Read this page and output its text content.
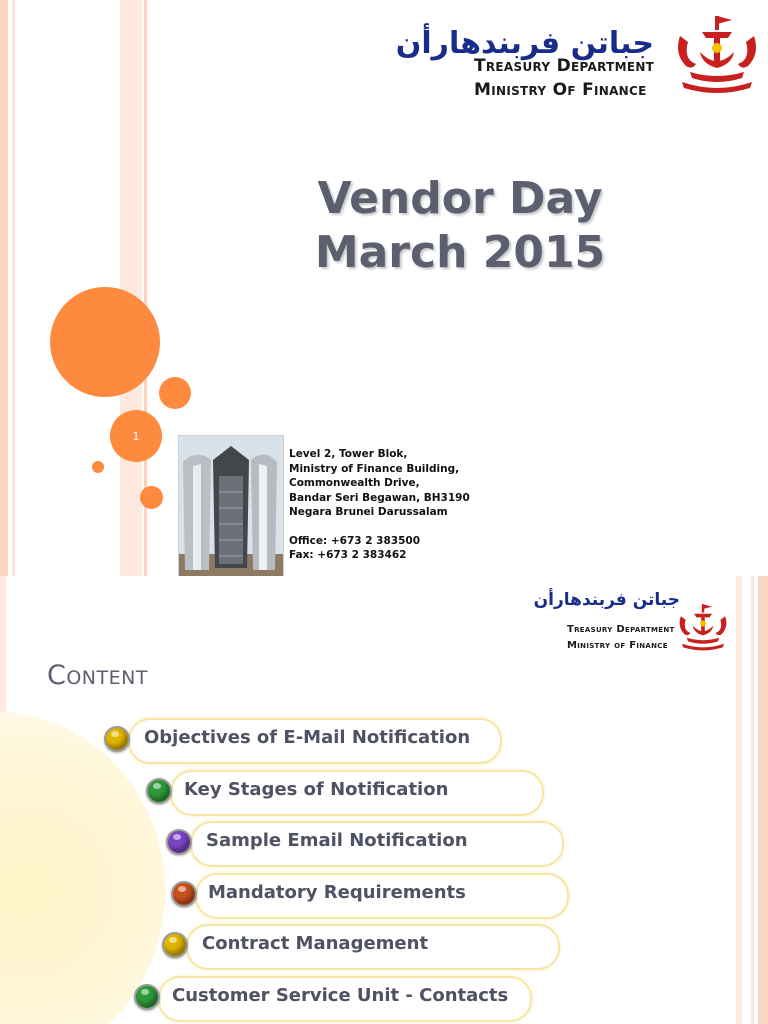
1
جباتن فربندهارأن
Treasury Department
Ministry Of Finance
Vendor Day
March 2015
Level 2, Tower Blok,
Ministry of Finance Building,
Commonwealth Drive,
Bandar Seri Begawan, BH3190
Negara Brunei Darussalam
Office: +673 2 383500
Fax: +673 2 383462
جباتن فربندهارأن
Treasury Department
Ministry of Finance
Content
Objectives of E-Mail Notification
Key Stages of Notification
Sample Email Notification
Mandatory Requirements
Contract Management
Customer Service Unit - Contacts
